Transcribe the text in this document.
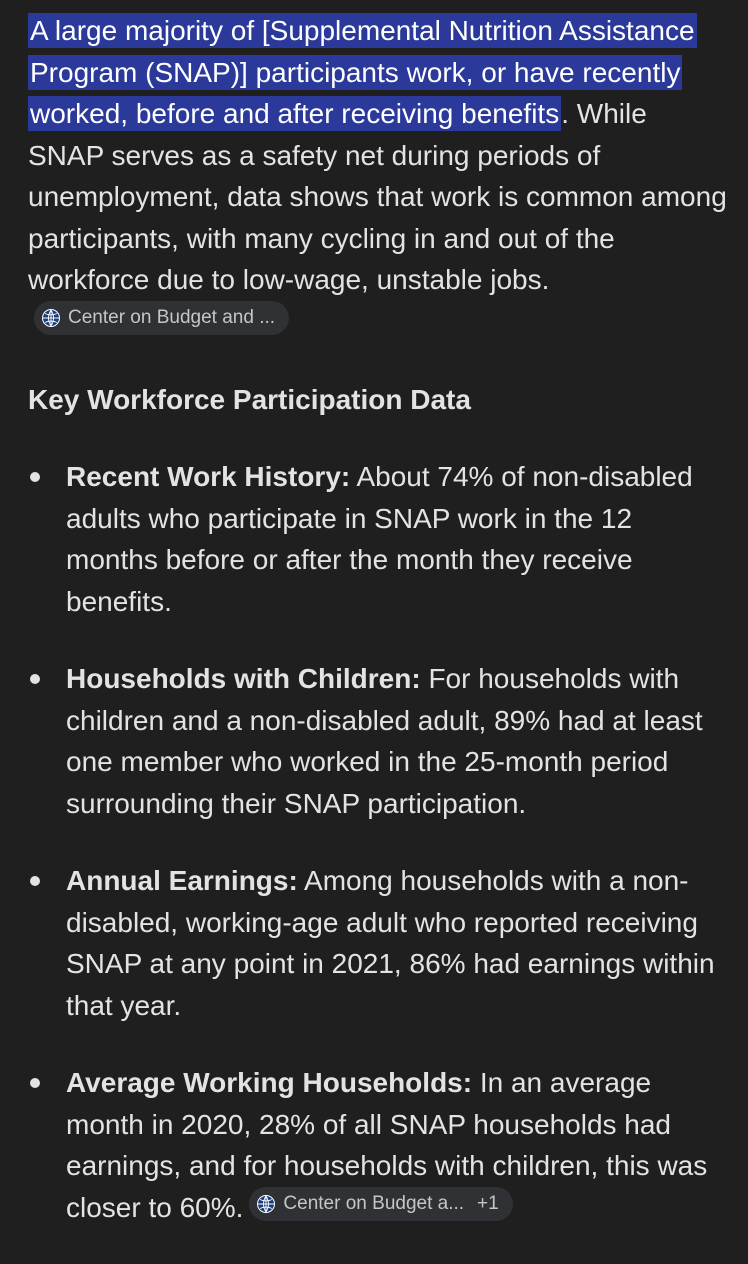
A large majority of [Supplemental Nutrition Assistance Program (SNAP)] participants work, or have recently worked, before and after receiving benefits. While SNAP serves as a safety net during periods of unemployment, data shows that work is common among participants, with many cycling in and out of the workforce due to low-wage, unstable jobs.
Center on Budget and ...

Key Workforce Participation Data
Recent Work History: About 74% of non-disabled adults who participate in SNAP work in the 12 months before or after the month they receive benefits.
Households with Children: For households with children and a non-disabled adult, 89% had at least one member who worked in the 25-month period surrounding their SNAP participation.
Annual Earnings: Among households with a non-disabled, working-age adult who reported receiving SNAP at any point in 2021, 86% had earnings within that year.
Average Working Households: In an average month in 2020, 28% of all SNAP households had earnings, and for households with children, this was closer to 60%. Center on Budget a... +1
